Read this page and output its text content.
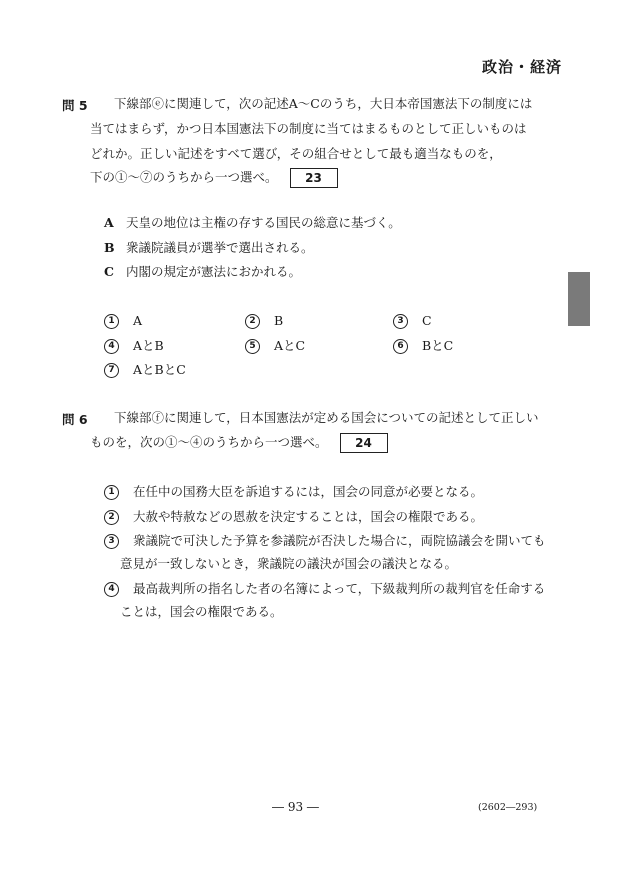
政治・経済
問 5 下線部ⓔに関連して，次の記述A～Cのうち，大日本帝国憲法下の制度には
当てはまらず，かつ日本国憲法下の制度に当てはまるものとして正しいものは
どれか。正しい記述をすべて選び，その組合せとして最も適当なものを，
下の①～⑦のうちから一つ選べ。 23
A 天皇の地位は主権の存する国民の総意に基づく。
B 衆議院議員が選挙で選出される。
C 内閣の規定が憲法におかれる。
1 A	2 B	3 C
4 AとB	5 AとC	6 BとC
7 AとBとC
問 6 下線部ⓕに関連して，日本国憲法が定める国会についての記述として正しい
ものを，次の①～④のうちから一つ選べ。 24
1 在任中の国務大臣を訴追するには，国会の同意が必要となる。
2 大赦や特赦などの恩赦を決定することは，国会の権限である。
3 衆議院で可決した予算を参議院が否決した場合に，両院協議会を開いても
意見が一致しないとき，衆議院の議決が国会の議決となる。
4 最高裁判所の指名した者の名簿によって，下級裁判所の裁判官を任命する
ことは，国会の権限である。
― 93 ―	(2602―293)
